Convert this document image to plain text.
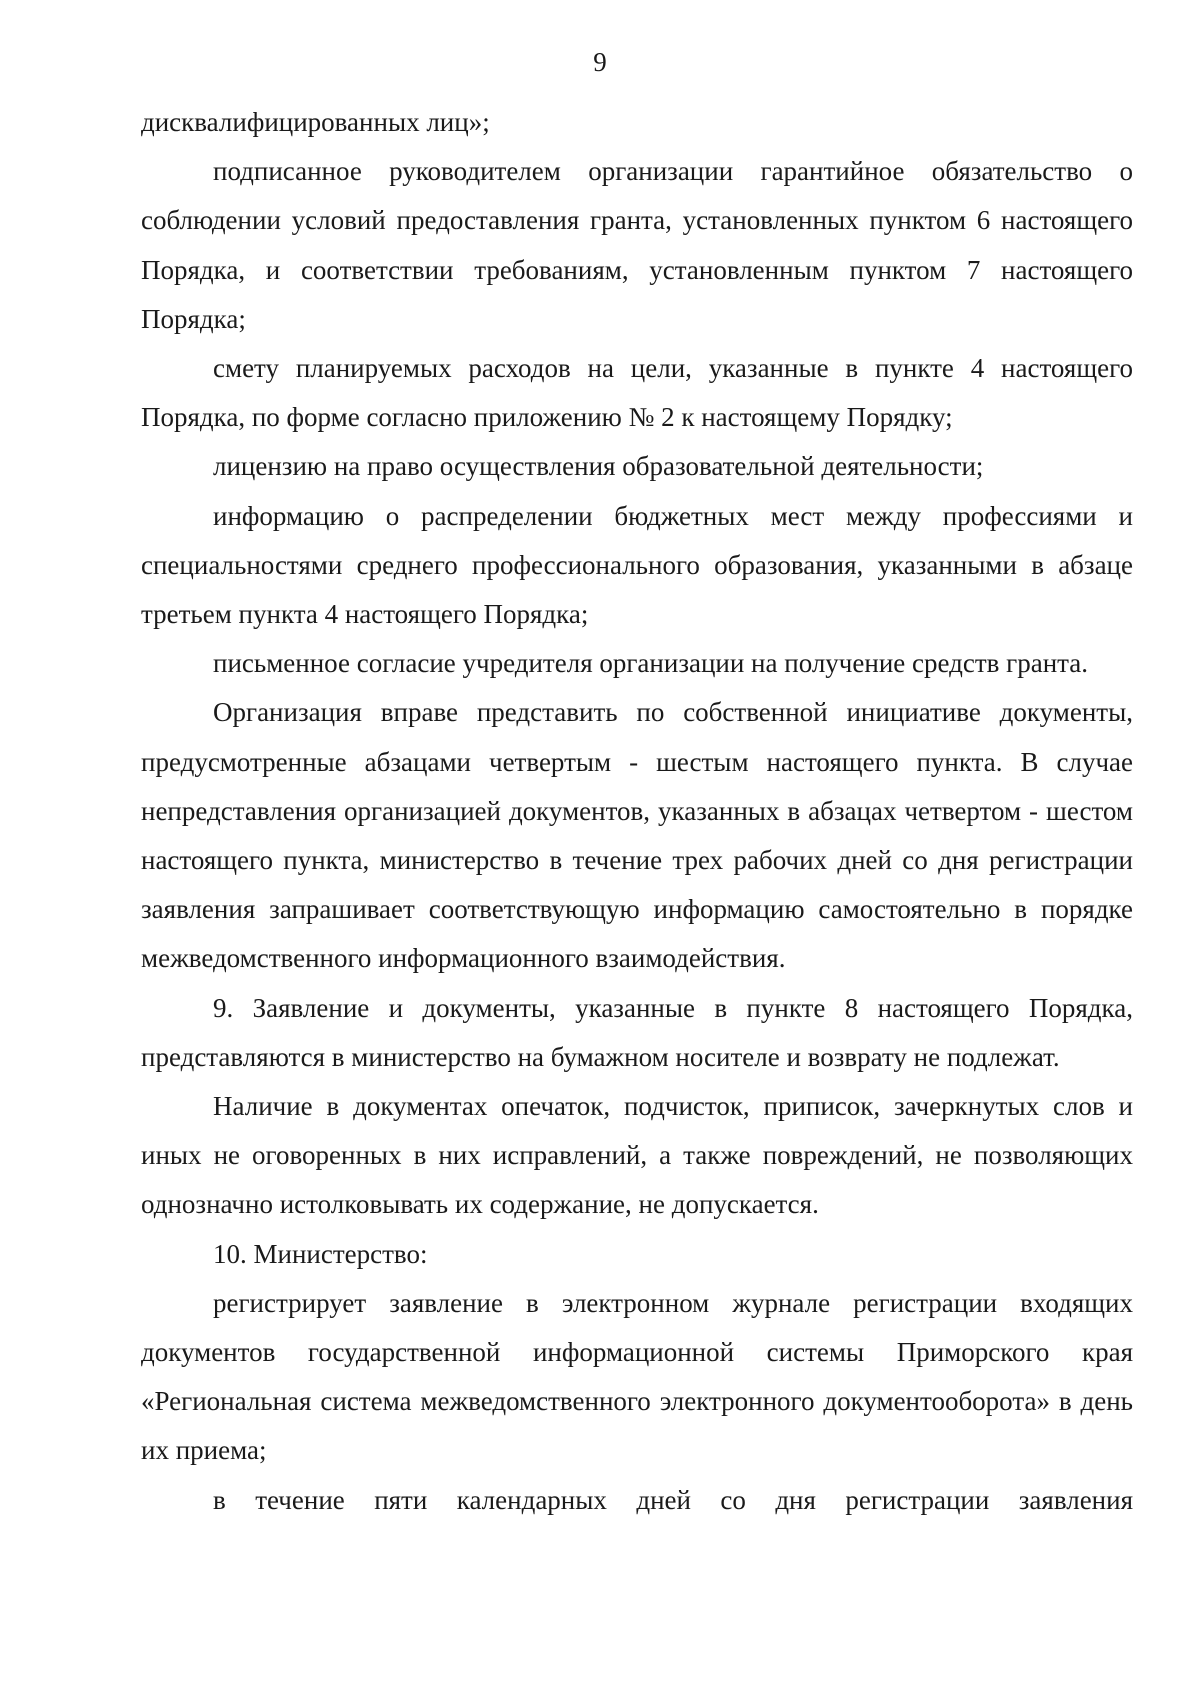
9

дисквалифицированных лиц»;

подписанное руководителем организации гарантийное обязательство о соблюдении условий предоставления гранта, установленных пунктом 6 настоящего Порядка, и соответствии требованиям, установленным пунктом 7 настоящего Порядка;

смету планируемых расходов на цели, указанные в пункте 4 настоящего Порядка, по форме согласно приложению № 2 к настоящему Порядку;

лицензию на право осуществления образовательной деятельности;

информацию о распределении бюджетных мест между профессиями и специальностями среднего профессионального образования, указанными в абзаце третьем пункта 4 настоящего Порядка;

письменное согласие учредителя организации на получение средств гранта.

Организация вправе представить по собственной инициативе документы, предусмотренные абзацами четвертым - шестым настоящего пункта. В случае непредставления организацией документов, указанных в абзацах четвертом - шестом настоящего пункта, министерство в течение трех рабочих дней со дня регистрации заявления запрашивает соответствующую информацию самостоятельно в порядке межведомственного информационного взаимодействия.

9. Заявление и документы, указанные в пункте 8 настоящего Порядка, представляются в министерство на бумажном носителе и возврату не подлежат.

Наличие в документах опечаток, подчисток, приписок, зачеркнутых слов и иных не оговоренных в них исправлений, а также повреждений, не позволяющих однозначно истолковывать их содержание, не допускается.

10. Министерство:

регистрирует заявление в электронном журнале регистрации входящих документов государственной информационной системы Приморского края «Региональная система межведомственного электронного документооборота» в день их приема;

в течение пяти календарных дней со дня регистрации заявления
